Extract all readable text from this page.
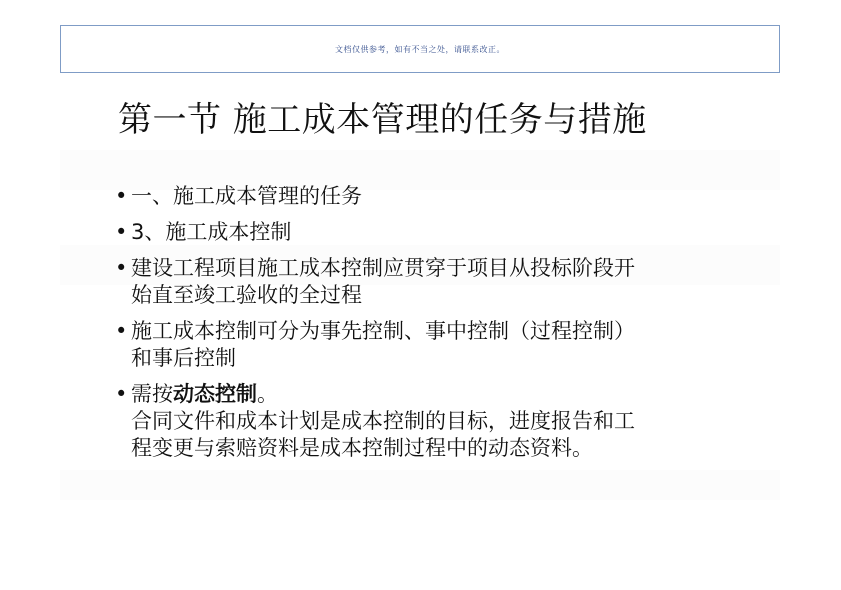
文档仅供参考，如有不当之处，请联系改正。
第一节 施工成本管理的任务与措施
• 一、施工成本管理的任务
• 3、施工成本控制
• 建设工程项目施工成本控制应贯穿于项目从投标阶段开
始直至竣工验收的全过程
• 施工成本控制可分为事先控制、事中控制（过程控制）
和事后控制
• 需按动态控制。
合同文件和成本计划是成本控制的目标，进度报告和工
程变更与索赔资料是成本控制过程中的动态资料。
